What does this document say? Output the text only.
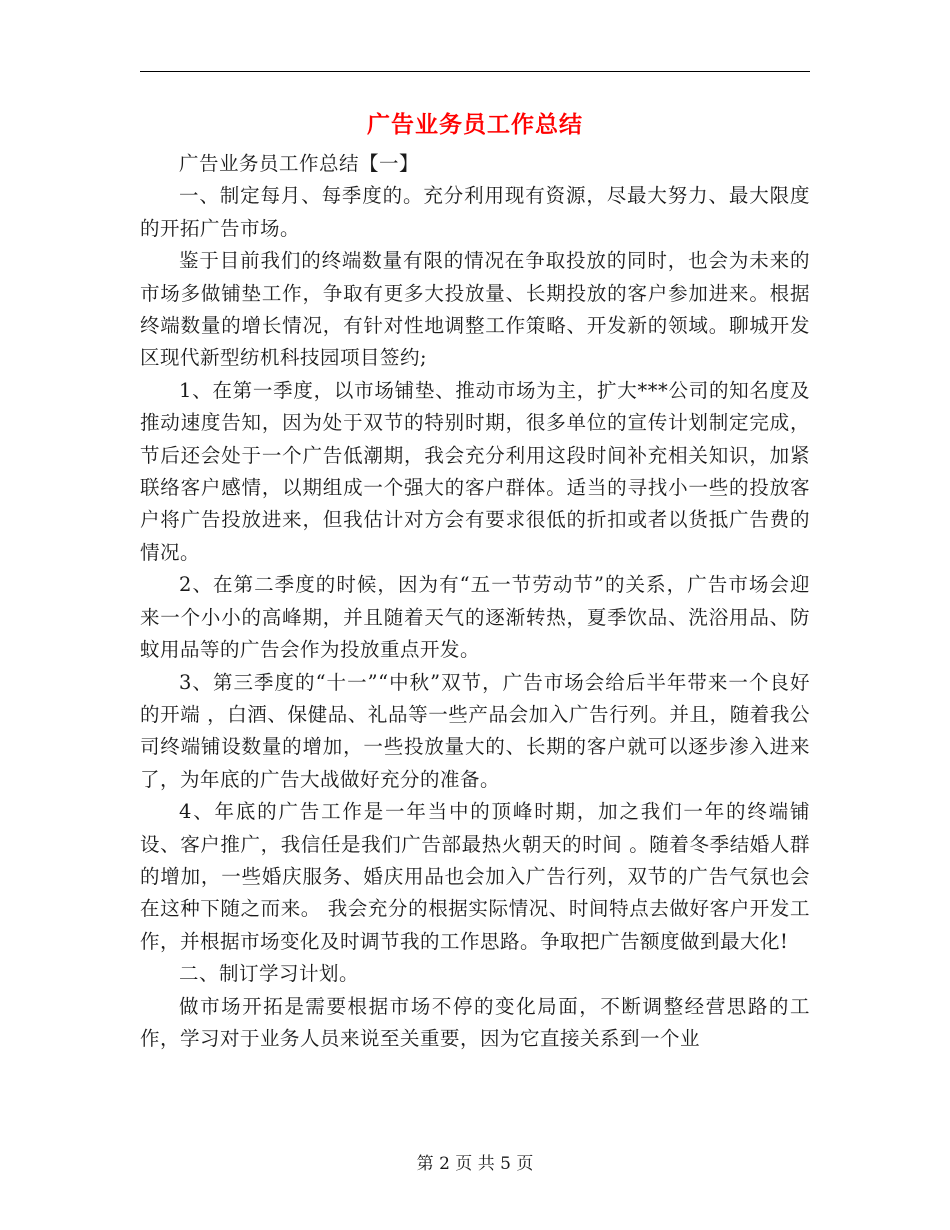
广告业务员工作总结

广告业务员工作总结【一】

一、制定每月、每季度的。充分利用现有资源，尽最大努力、最大限度的开拓广告市场。

鉴于目前我们的终端数量有限的情况在争取投放的同时，也会为未来的市场多做铺垫工作，争取有更多大投放量、长期投放的客户参加进来。根据终端数量的增长情况，有针对性地调整工作策略、开发新的领域。聊城开发区现代新型纺机科技园项目签约;

1、在第一季度，以市场铺垫、推动市场为主，扩大***公司的知名度及推动速度告知，因为处于双节的特别时期，很多单位的宣传计划制定完成，节后还会处于一个广告低潮期，我会充分利用这段时间补充相关知识，加紧联络客户感情，以期组成一个强大的客户群体。适当的寻找小一些的投放客户将广告投放进来，但我估计对方会有要求很低的折扣或者以货抵广告费的情况。

2、在第二季度的时候，因为有“五一节劳动节”的关系，广告市场会迎来一个小小的高峰期，并且随着天气的逐渐转热，夏季饮品、洗浴用品、防蚊用品等的广告会作为投放重点开发。

3、第三季度的“十一”“中秋”双节，广告市场会给后半年带来一个良好的开端 ，白酒、保健品、礼品等一些产品会加入广告行列。并且，随着我公司终端铺设数量的增加，一些投放量大的、长期的客户就可以逐步渗入进来了，为年底的广告大战做好充分的准备。

4、年底的广告工作是一年当中的顶峰时期，加之我们一年的终端铺设、客户推广，我信任是我们广告部最热火朝天的时间 。随着冬季结婚人群的增加，一些婚庆服务、婚庆用品也会加入广告行列，双节的广告气氛也会在这种下随之而来。 我会充分的根据实际情况、时间特点去做好客户开发工作，并根据市场变化及时调节我的工作思路。争取把广告额度做到最大化!

二、制订学习计划。

做市场开拓是需要根据市场不停的变化局面，不断调整经营思路的工作，学习对于业务人员来说至关重要，因为它直接关系到一个业

第 2 页 共 5 页
